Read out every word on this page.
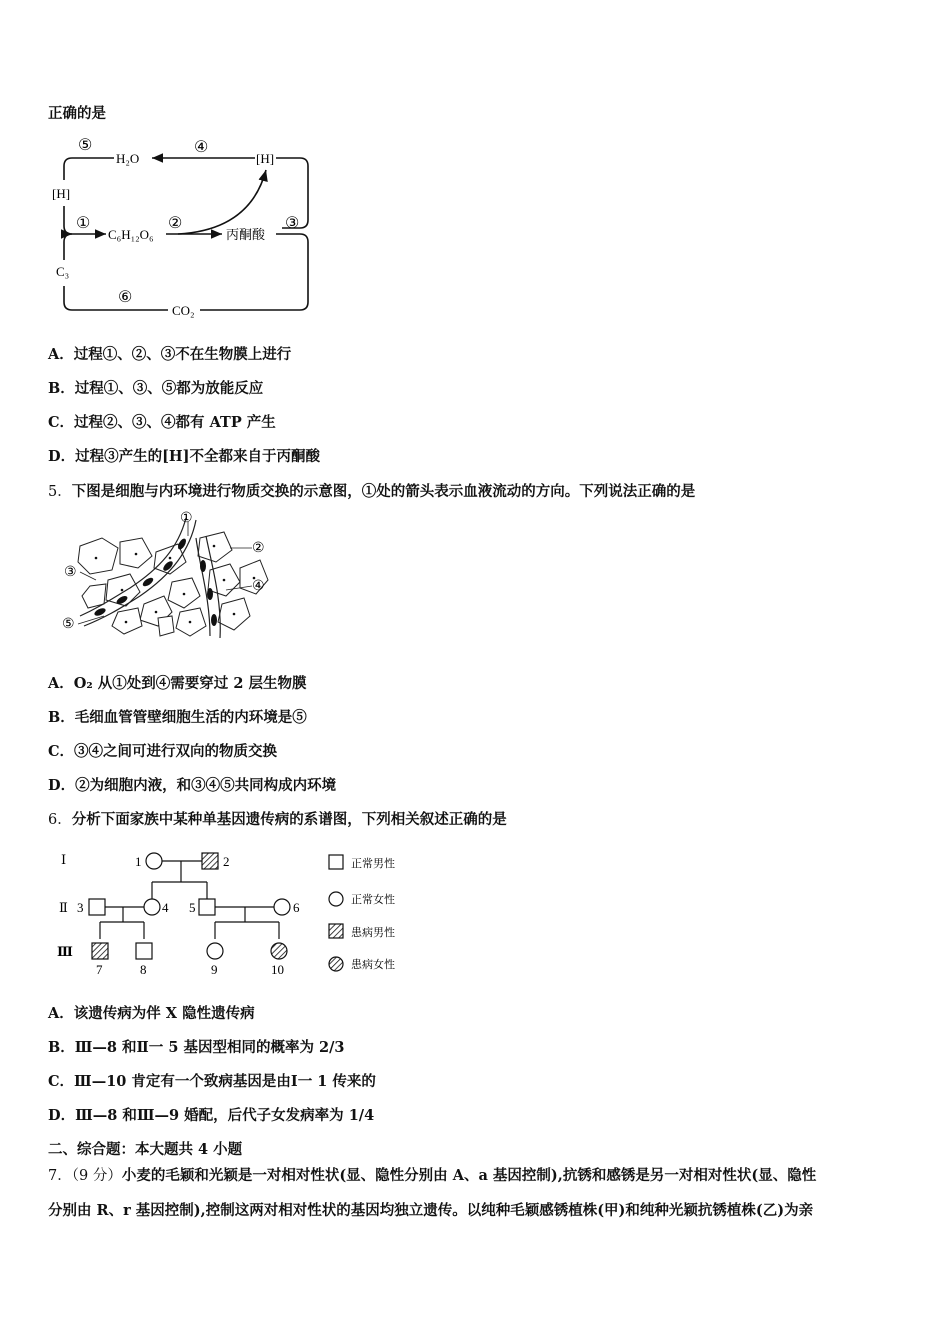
正确的是
⑤
H₂O
④
[H]
[H]
①
C₆H₁₂O₆
②
丙酮酸
③
C₃
⑥
CO₂
A．过程①、②、③不在生物膜上进行
B．过程①、③、⑤都为放能反应
C．过程②、③、④都有 ATP 产生
D．过程③产生的[H]不全都来自于丙酮酸
5．下图是细胞与内环境进行物质交换的示意图，①处的箭头表示血液流动的方向。下列说法正确的是
①
②
③
④
⑤
A．O₂ 从①处到④需要穿过 2 层生物膜
B．毛细血管管壁细胞生活的内环境是⑤
C．③④之间可进行双向的物质交换
D．②为细胞内液，和③④⑤共同构成内环境
6．分析下面家族中某种单基因遗传病的系谱图，下列相关叙述正确的是
Ⅰ
Ⅱ
Ⅲ
1	2
3	4 5	6
7	8	9	10
正常男性
正常女性
患病男性
患病女性
A．该遗传病为伴 X 隐性遗传病
B．Ⅲ—8 和Ⅱ一 5 基因型相同的概率为 2/3
C．Ⅲ—10 肯定有一个致病基因是由Ⅰ一 1 传来的
D．Ⅲ—8 和Ⅲ—9 婚配，后代子女发病率为 1/4
二、综合题：本大题共 4 小题
7．（9 分）小麦的毛颖和光颖是一对相对性状(显、隐性分别由 A、a 基因控制),抗锈和感锈是另一对相对性状(显、隐性
分别由 R、r 基因控制),控制这两对相对性状的基因均独立遗传。以纯种毛颖感锈植株(甲)和纯种光颖抗锈植株(乙)为亲
